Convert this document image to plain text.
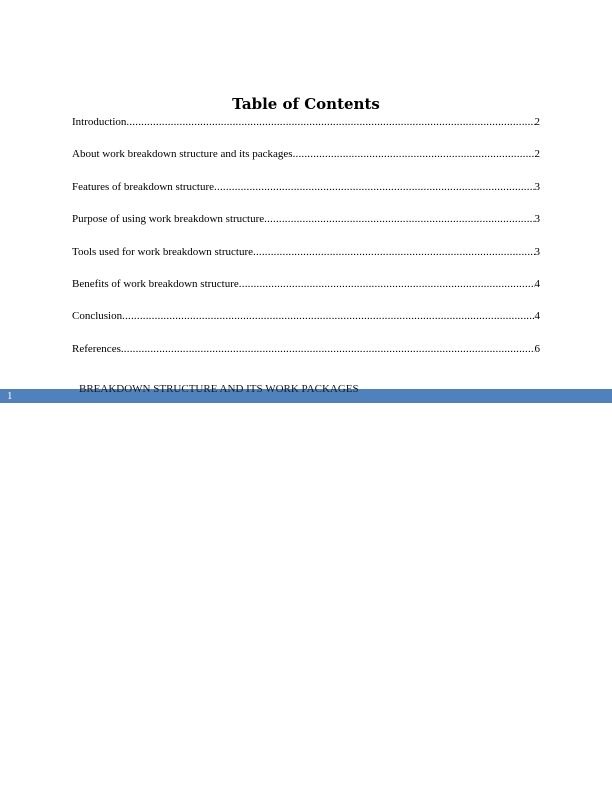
Table of Contents
Introduction .....	2
About work breakdown structure and its packages .....	2
Features of breakdown structure .....	3
Purpose of using work breakdown structure .....	3
Tools used for work breakdown structure .....	3
Benefits of work breakdown structure .....	4
Conclusion .....	4
References .....	6
BREAKDOWN STRUCTURE AND ITS WORK PACKAGES
1
